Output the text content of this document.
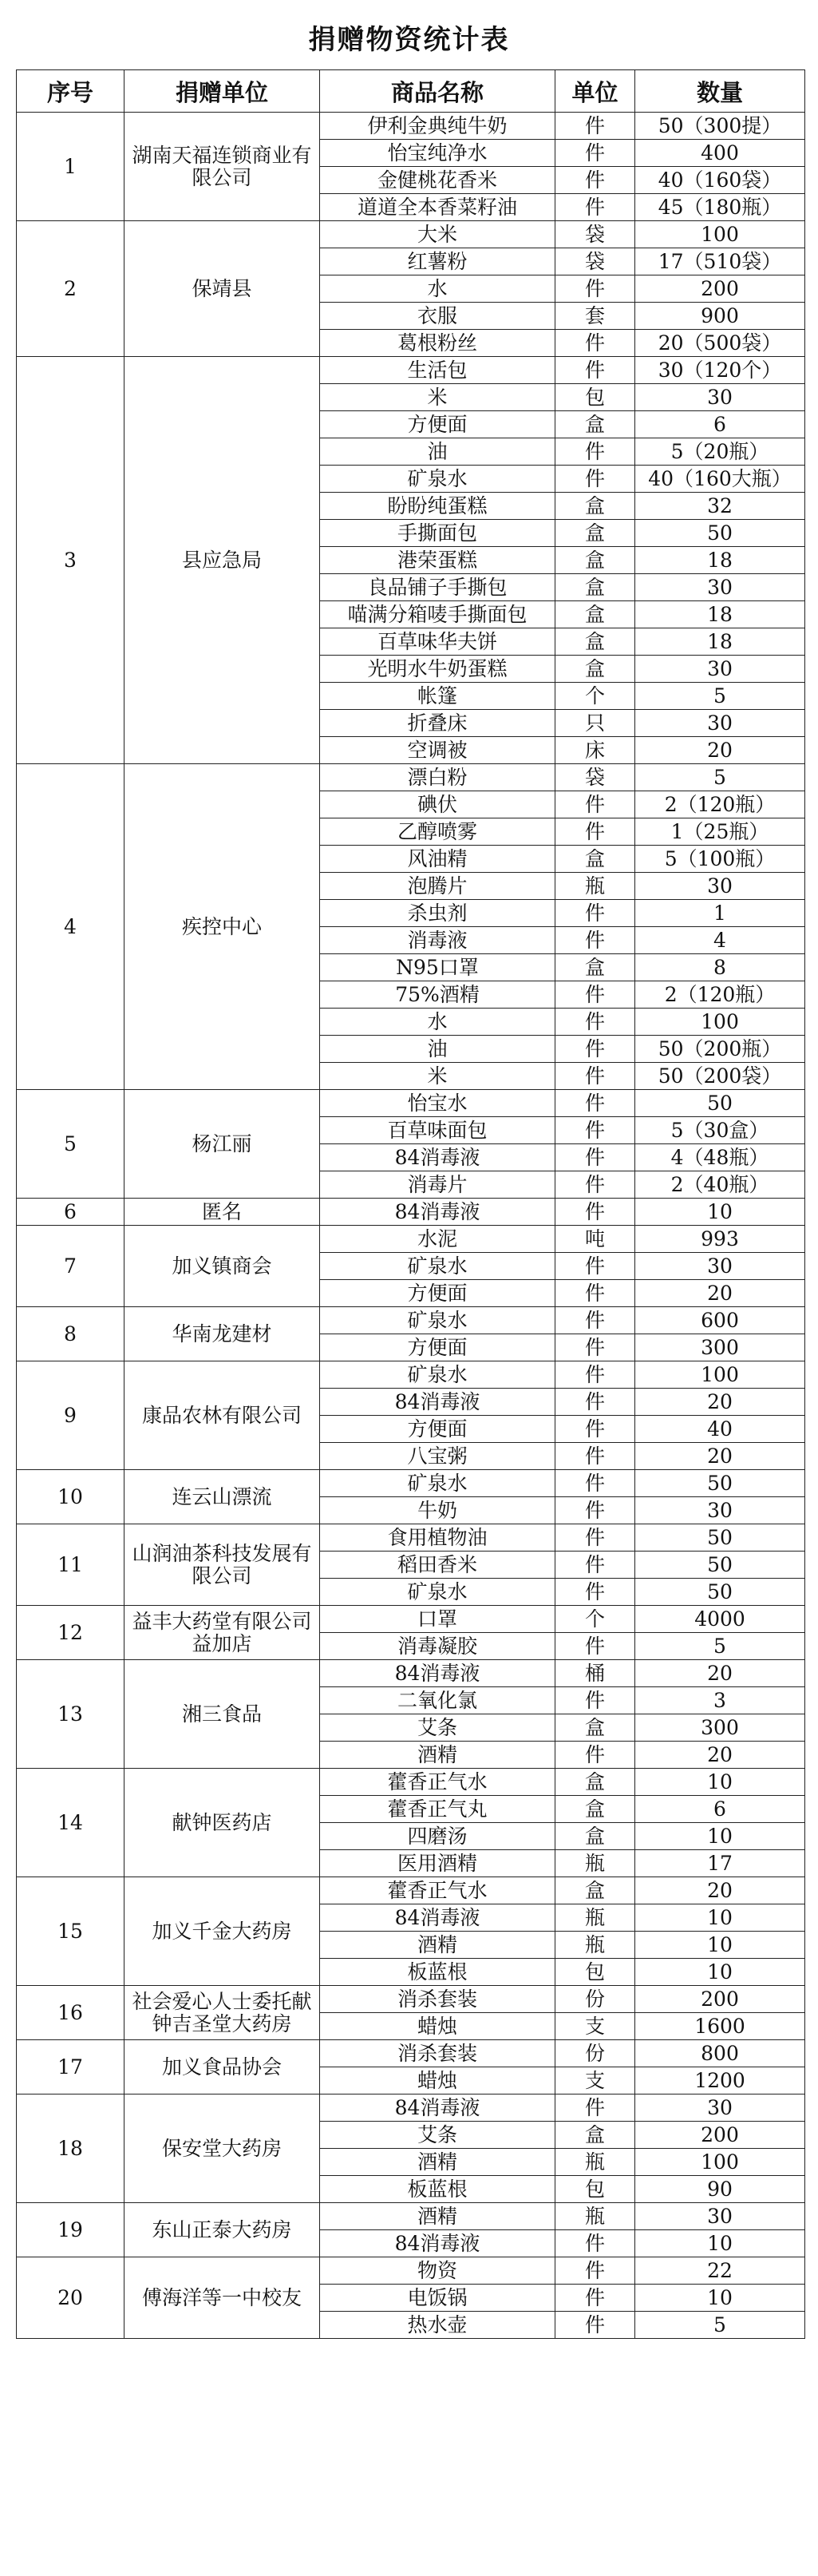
捐赠物资统计表
序号	捐赠单位	商品名称	单位	数量
1	湖南天福连锁商业有限公司	伊利金典纯牛奶	件	50（300提）
		怡宝纯净水	件	400
		金健桃花香米	件	40（160袋）
		道道全本香菜籽油	件	45（180瓶）
2	保靖县	大米	袋	100
		红薯粉	袋	17（510袋）
		水	件	200
		衣服	套	900
		葛根粉丝	件	20（500袋）
3	县应急局	生活包	件	30（120个）
		米	包	30
		方便面	盒	6
		油	件	5（20瓶）
		矿泉水	件	40（160大瓶）
		盼盼纯蛋糕	盒	32
		手撕面包	盒	50
		港荣蛋糕	盒	18
		良品铺子手撕包	盒	30
		喵满分箱唛手撕面包	盒	18
		百草味华夫饼	盒	18
		光明水牛奶蛋糕	盒	30
		帐篷	个	5
		折叠床	只	30
		空调被	床	20
4	疾控中心	漂白粉	袋	5
		碘伏	件	2（120瓶）
		乙醇喷雾	件	1（25瓶）
		风油精	盒	5（100瓶）
		泡腾片	瓶	30
		杀虫剂	件	1
		消毒液	件	4
		N95口罩	盒	8
		75%酒精	件	2（120瓶）
		水	件	100
		油	件	50（200瓶）
		米	件	50（200袋）
5	杨江丽	怡宝水	件	50
		百草味面包	件	5（30盒）
		84消毒液	件	4（48瓶）
		消毒片	件	2（40瓶）
6	匿名	84消毒液	件	10
7	加义镇商会	水泥	吨	993
		矿泉水	件	30
		方便面	件	20
8	华南龙建材	矿泉水	件	600
		方便面	件	300
9	康品农林有限公司	矿泉水	件	100
		84消毒液	件	20
		方便面	件	40
		八宝粥	件	20
10	连云山漂流	矿泉水	件	50
		牛奶	件	30
11	山润油茶科技发展有限公司	食用植物油	件	50
		稻田香米	件	50
		矿泉水	件	50
12	益丰大药堂有限公司益加店	口罩	个	4000
		消毒凝胶	件	5
13	湘三食品	84消毒液	桶	20
		二氧化氯	件	3
		艾条	盒	300
		酒精	件	20
14	献钟医药店	藿香正气水	盒	10
		藿香正气丸	盒	6
		四磨汤	盒	10
		医用酒精	瓶	17
15	加义千金大药房	藿香正气水	盒	20
		84消毒液	瓶	10
		酒精	瓶	10
		板蓝根	包	10
16	社会爱心人士委托献钟吉圣堂大药房	消杀套装	份	200
		蜡烛	支	1600
17	加义食品协会	消杀套装	份	800
		蜡烛	支	1200
18	保安堂大药房	84消毒液	件	30
		艾条	盒	200
		酒精	瓶	100
		板蓝根	包	90
19	东山正泰大药房	酒精	瓶	30
		84消毒液	件	10
20	傅海洋等一中校友	物资	件	22
		电饭锅	件	10
		热水壶	件	5
